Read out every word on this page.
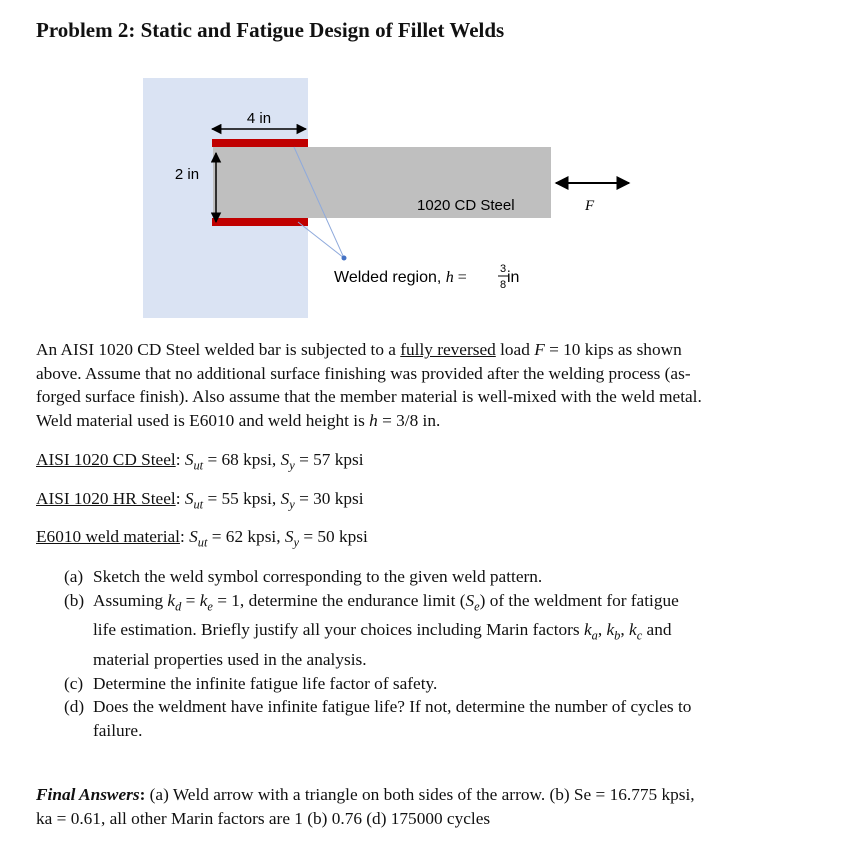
Problem 2: Static and Fatigue Design of Fillet Welds
4 in
2 in
1020 CD Steel	F
Welded region, h =	3
8 in

An AISI 1020 CD Steel welded bar is subjected to a fully reversed load F = 10 kips as shown

above. Assume that no additional surface finishing was provided after the welding process (as-

forged surface finish). Also assume that the member material is well-mixed with the weld metal.

Weld material used is E6010 and weld height is h = 3/8 in.

AISI 1020 CD Steel: $S_{ut} = 68$ kpsi, $S_y = 57$ kpsi
AISI 1020 HR Steel: $S_{ut} = 55$ kpsi, $S_y = 30$ kpsi
E6010 weld material: $S_{ut} = 62$ kpsi, $S_y = 50$ kpsi
(a) Sketch the weld symbol corresponding to the given weld pattern.
(b) Assuming $k_d = k_e = 1$, determine the endurance limit $(S_e)$ of the weldment for fatigue
life estimation. Briefly justify all your choices including Marin factors $k_a$, $k_b$, $k_c$ and
material properties used in the analysis.
(c) Determine the infinite fatigue life factor of safety.
(d) Does the weldment have infinite fatigue life? If not, determine the number of cycles to
failure.
Final Answers: (a) Weld arrow with a triangle on both sides of the arrow. (b) Se = 16.775 kpsi,
ka = 0.61, all other Marin factors are 1 (b) 0.76 (d) 175000 cycles
